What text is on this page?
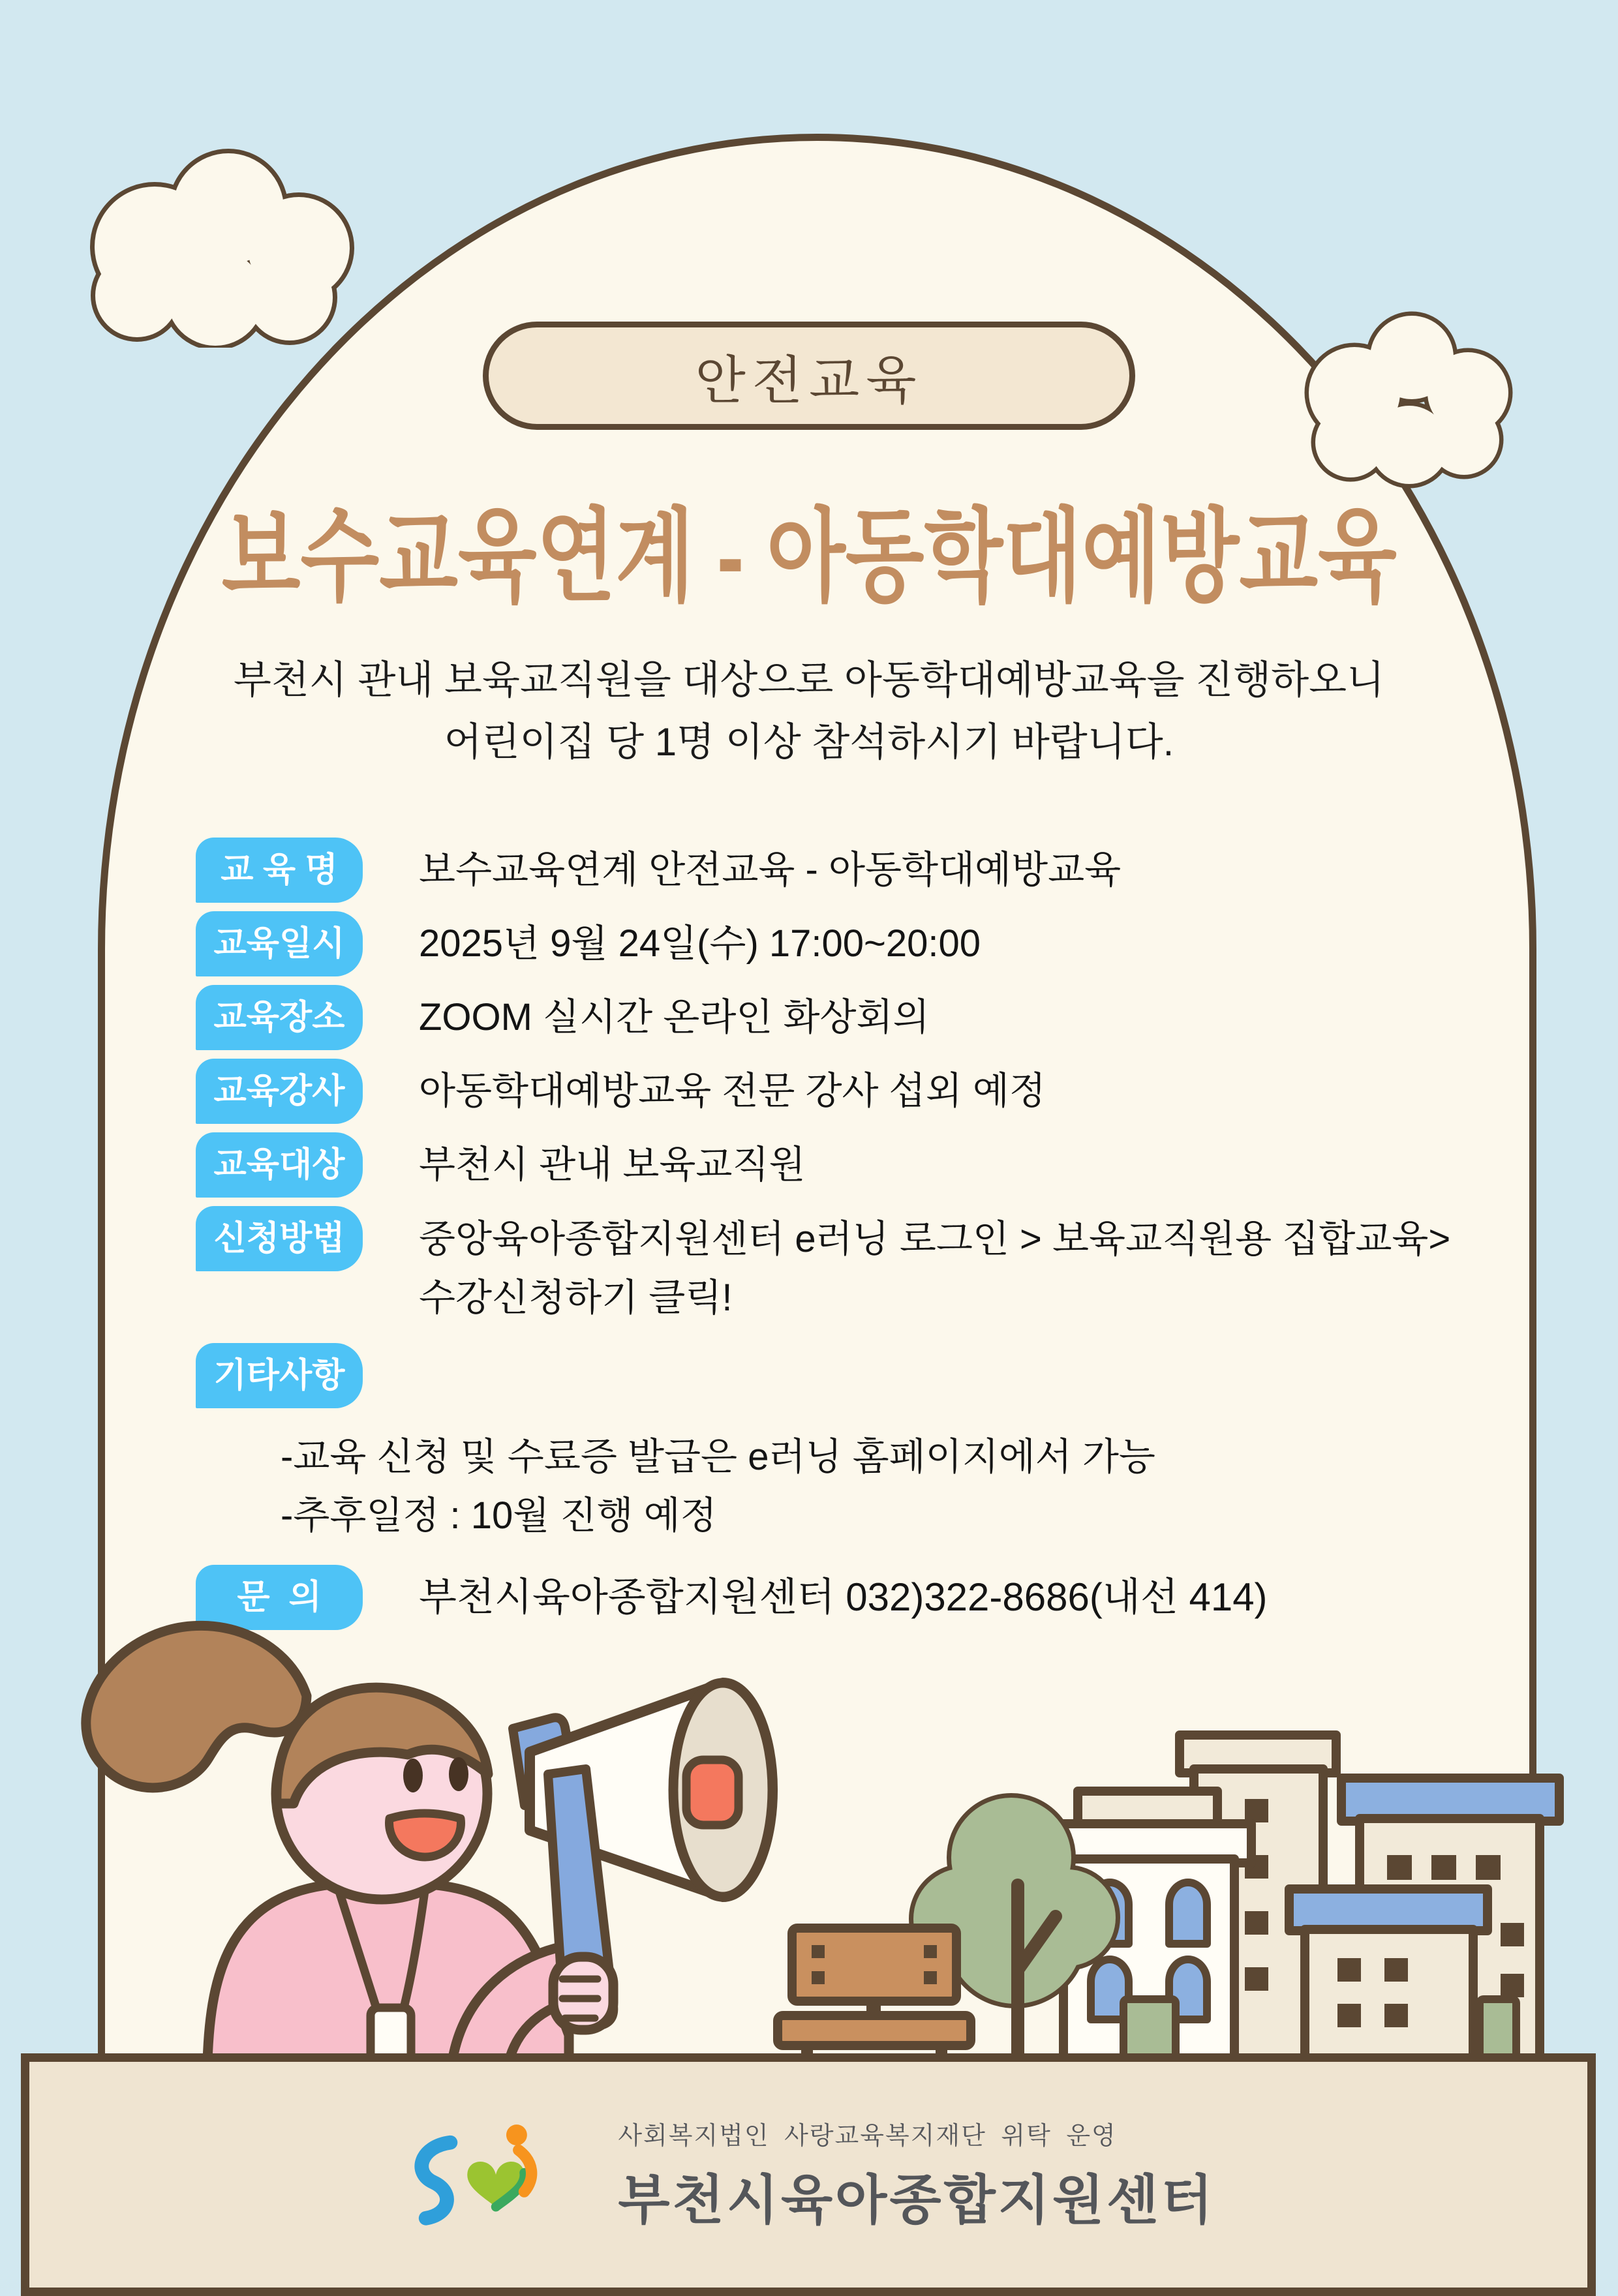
안전교육
보수교육연계 - 아동학대예방교육
부천시 관내 보육교직원을 대상으로 아동학대예방교육을 진행하오니
어린이집 당 1명 이상 참석하시기 바랍니다.
교 육 명	보수교육연계 안전교육 - 아동학대예방교육
교육일시	2025년 9월 24일(수) 17:00~20:00
교육장소	ZOOM 실시간 온라인 화상회의
교육강사	아동학대예방교육 전문 강사 섭외 예정
교육대상	부천시 관내 보육교직원
신청방법	중앙육아종합지원센터 e러닝 로그인 > 보육교직원용 집합교육>
수강신청하기 클릭!
기타사항
-교육 신청 및 수료증 발급은 e러닝 홈페이지에서 가능
-추후일정 : 10월 진행 예정
문  의	부천시육아종합지원센터 032)322-8686(내선 414)
사회복지법인 사랑교육복지재단 위탁 운영
부천시육아종합지원센터
